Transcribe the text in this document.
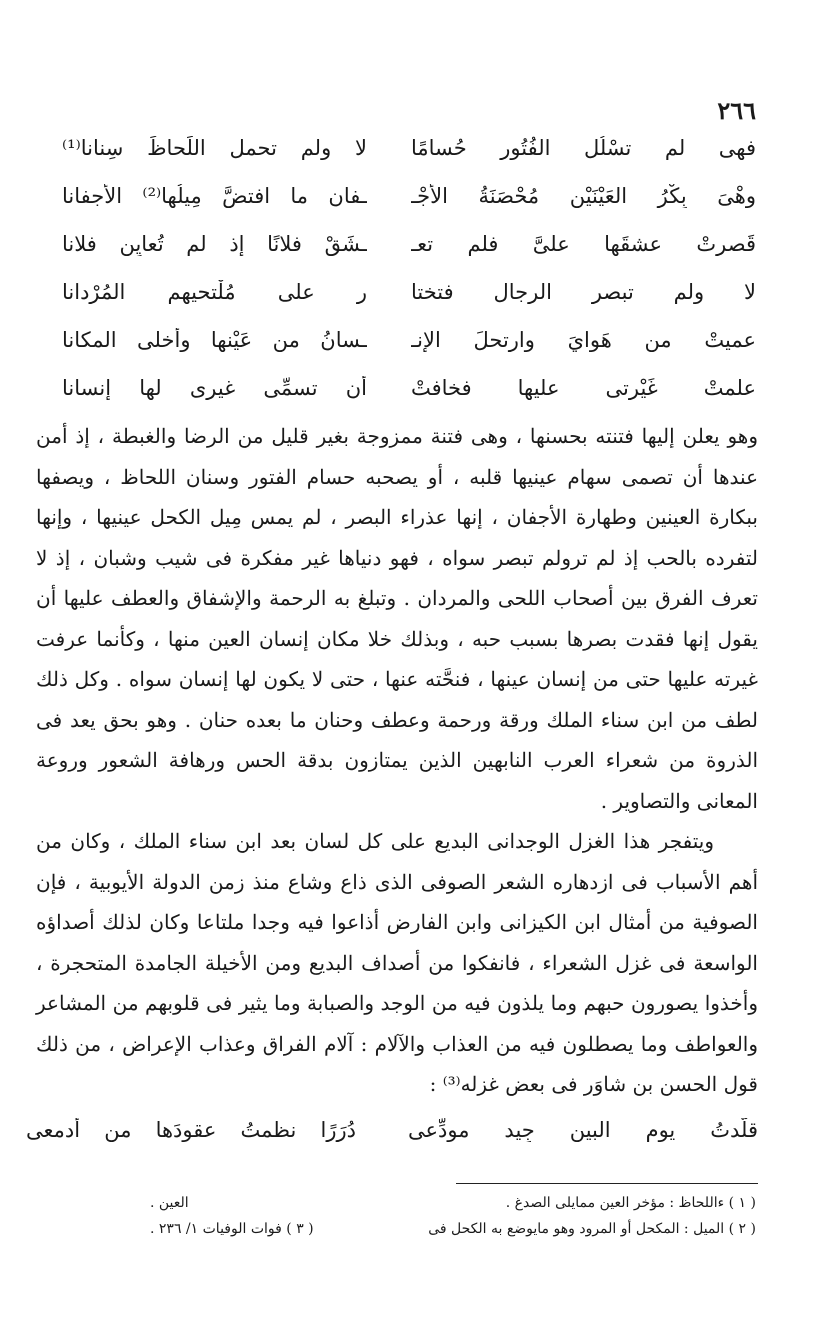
٢٦٦
فهى لم تسْلُل الفُتُور حُسامًا
لا ولم تحمل اللِّحاظَ سِنانا⁽¹⁾
وهْىَ بِكْرُ العَيْنَيْن مُحْصَنَةُ الأجْـ
ـفان ما افتضَّ مِيلُها⁽²⁾ الأجفانا
قَصرتْ عشقَها علىَّ فلم تعـ
ـشَقْ فلانًا إذ لم تُعايِن فلانا
لا ولم تبصر الرجال فتختا
ر على مُلْتحيهم المُرْدانا
عميتْ من هَوايَ وارتحلَ الإنـ
ـسانُ من عَيْنها وأخلى المكانا
علمتْ غَيْرتى عليها فخافتْ
أن تسمِّى غيرى لها إنسانا

وهو يعلن إليها فتنته بحسنها ، وهى فتنة ممزوجة بغير قليل من الرضا والغبطة ، إذ أمن عندها أن تصمى سهام عينيها قلبه ، أو يصحبه حسام الفتور وسنان اللحاظ ، ويصفها ببكارة العينين وطهارة الأجفان ، إنها عذراء البصر ، لم يمس مِيل الكحل عينيها ، وإنها لتفرده بالحب إذ لم ترولم تبصر سواه ، فهو دنياها غير مفكرة فى شيب وشبان ، إذ لا تعرف الفرق بين أصحاب اللحى والمردان . وتبلغ به الرحمة والإشفاق والعطف عليها أن يقول إنها فقدت بصرها بسبب حبه ، وبذلك خلا مكان إنسان العين منها ، وكأنما عرفت غيرته عليها حتى من إنسان عينها ، فنحَّته عنها ، حتى لا يكون لها إنسان سواه . وكل ذلك لطف من ابن سناء الملك ورقة ورحمة وعطف وحنان ما بعده حنان . وهو بحق يعد فى الذروة من شعراء العرب النابهين الذين يمتازون بدقة الحس ورهافة الشعور وروعة المعانى والتصاوير .

ويتفجر هذا الغزل الوجدانى البديع على كل لسان بعد ابن سناء الملك ، وكان من أهم الأسباب فى ازدهاره الشعر الصوفى الذى ذاع وشاع منذ زمن الدولة الأيوبية ، فإن الصوفية من أمثال ابن الكيزانى وابن الفارض أذاعوا فيه وجدا ملتاعا وكان لذلك أصداؤه الواسعة فى غزل الشعراء ، فانفكوا من أصداف البديع ومن الأخيلة الجامدة المتحجرة ، وأخذوا يصورون حبهم وما يلذون فيه من الوجد والصبابة وما يثير فى قلوبهم من المشاعر والعواطف وما يصطلون فيه من العذاب والآلام : آلام الفراق وعذاب الإعراض ، من ذلك قول الحسن بن شاوَر فى بعض غزله⁽³⁾ :

قلَّدتُ يوم البين جِيد مودِّعى
دُرَرًا نظمتُ عقودَها من أدمعى
( ١ ) ءاللحاظ : مؤخر العين ممايلى الصدغ .
العين .
( ٢ ) الميل : المكحل أو المرود وهو مايوضع به الكحل فى
( ٣ ) فوات الوفيات ١/ ٢٣٦ .
